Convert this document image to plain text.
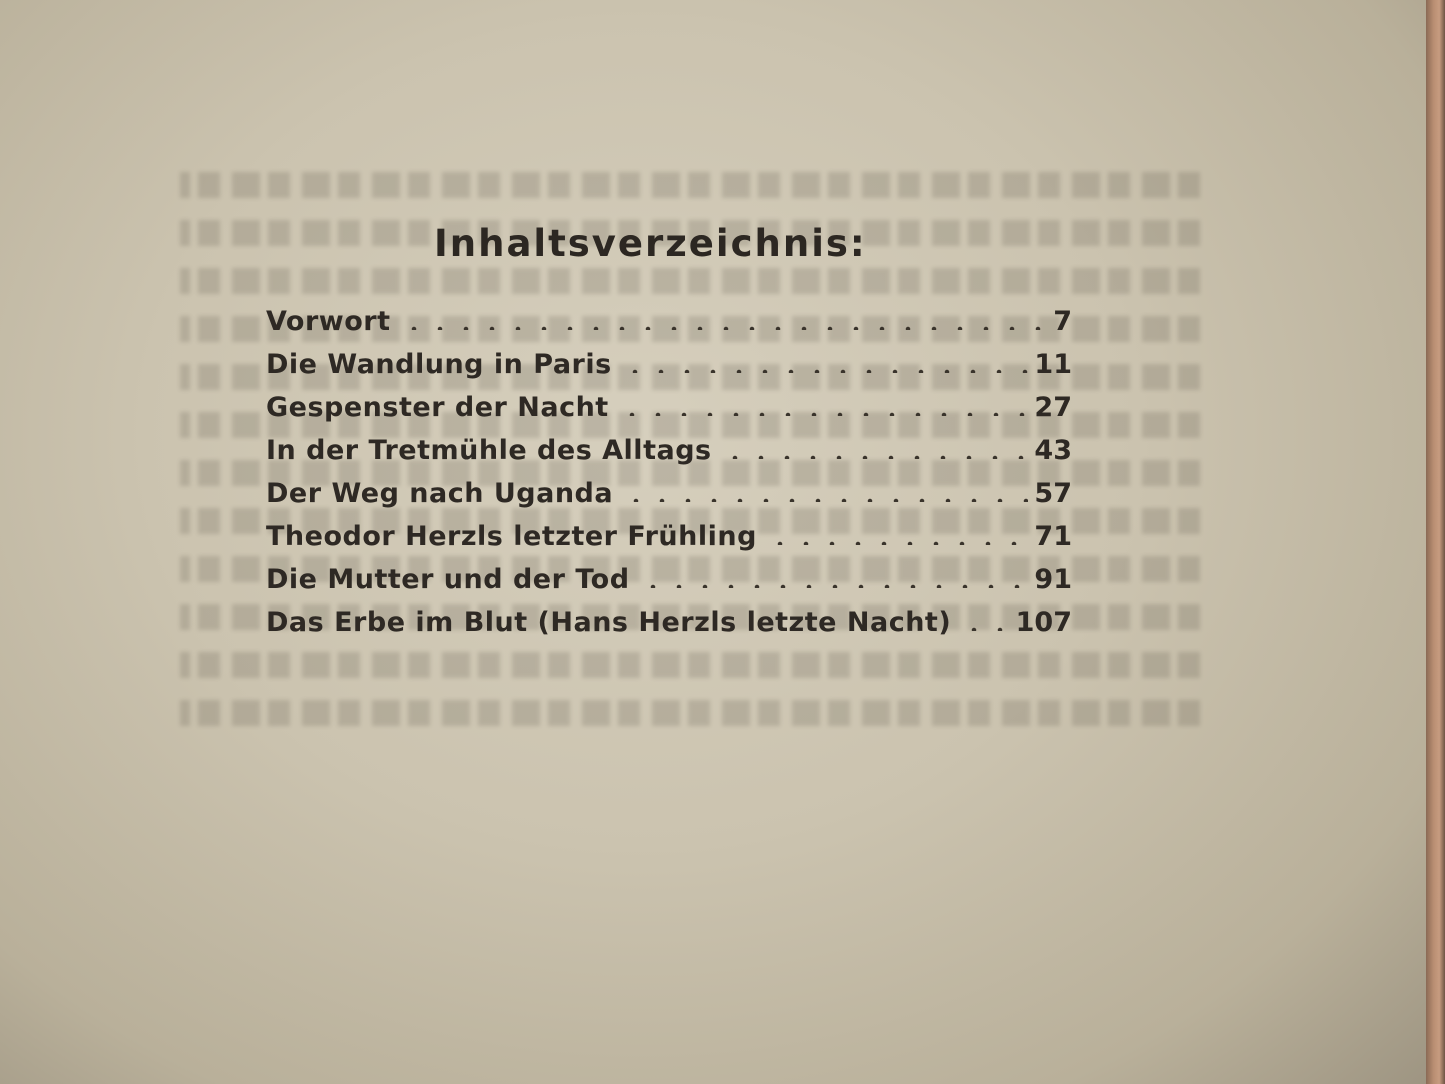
Inhaltsverzeichnis:
Vorwort	7
Die Wandlung in Paris	11
Gespenster der Nacht	27
In der Tretmühle des Alltags	43
Der Weg nach Uganda	57
Theodor Herzls letzter Frühling	71
Die Mutter und der Tod	91
Das Erbe im Blut (Hans Herzls letzte Nacht) 107
